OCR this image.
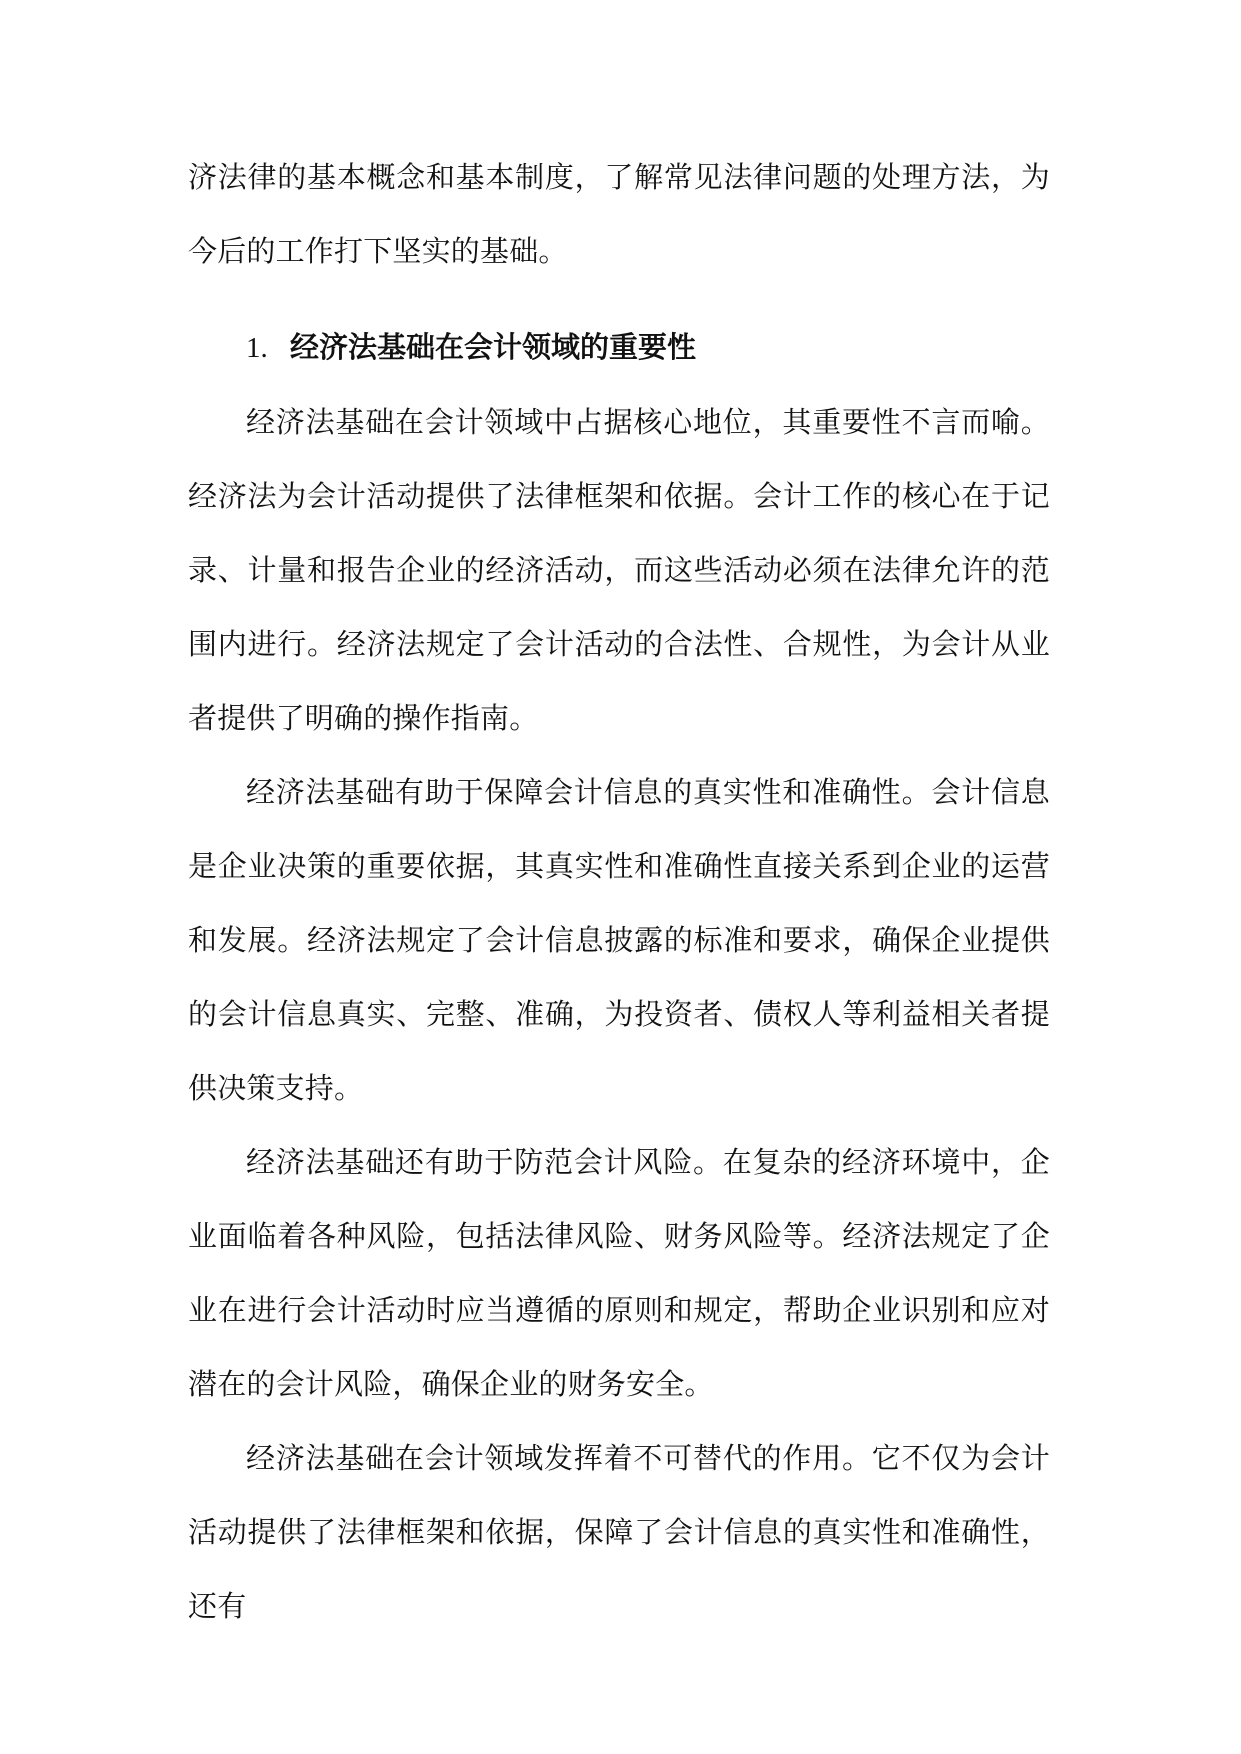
济法律的基本概念和基本制度，了解常见法律问题的处理方法，为今后的工作打下坚实的基础。

1. 经济法基础在会计领域的重要性

经济法基础在会计领域中占据核心地位，其重要性不言而喻。经济法为会计活动提供了法律框架和依据。会计工作的核心在于记录、计量和报告企业的经济活动，而这些活动必须在法律允许的范围内进行。经济法规定了会计活动的合法性、合规性，为会计从业者提供了明确的操作指南。

经济法基础有助于保障会计信息的真实性和准确性。会计信息是企业决策的重要依据，其真实性和准确性直接关系到企业的运营和发展。经济法规定了会计信息披露的标准和要求，确保企业提供的会计信息真实、完整、准确，为投资者、债权人等利益相关者提供决策支持。

经济法基础还有助于防范会计风险。在复杂的经济环境中，企业面临着各种风险，包括法律风险、财务风险等。经济法规定了企业在进行会计活动时应当遵循的原则和规定，帮助企业识别和应对潜在的会计风险，确保企业的财务安全。

经济法基础在会计领域发挥着不可替代的作用。它不仅为会计活动提供了法律框架和依据，保障了会计信息的真实性和准确性，还有
